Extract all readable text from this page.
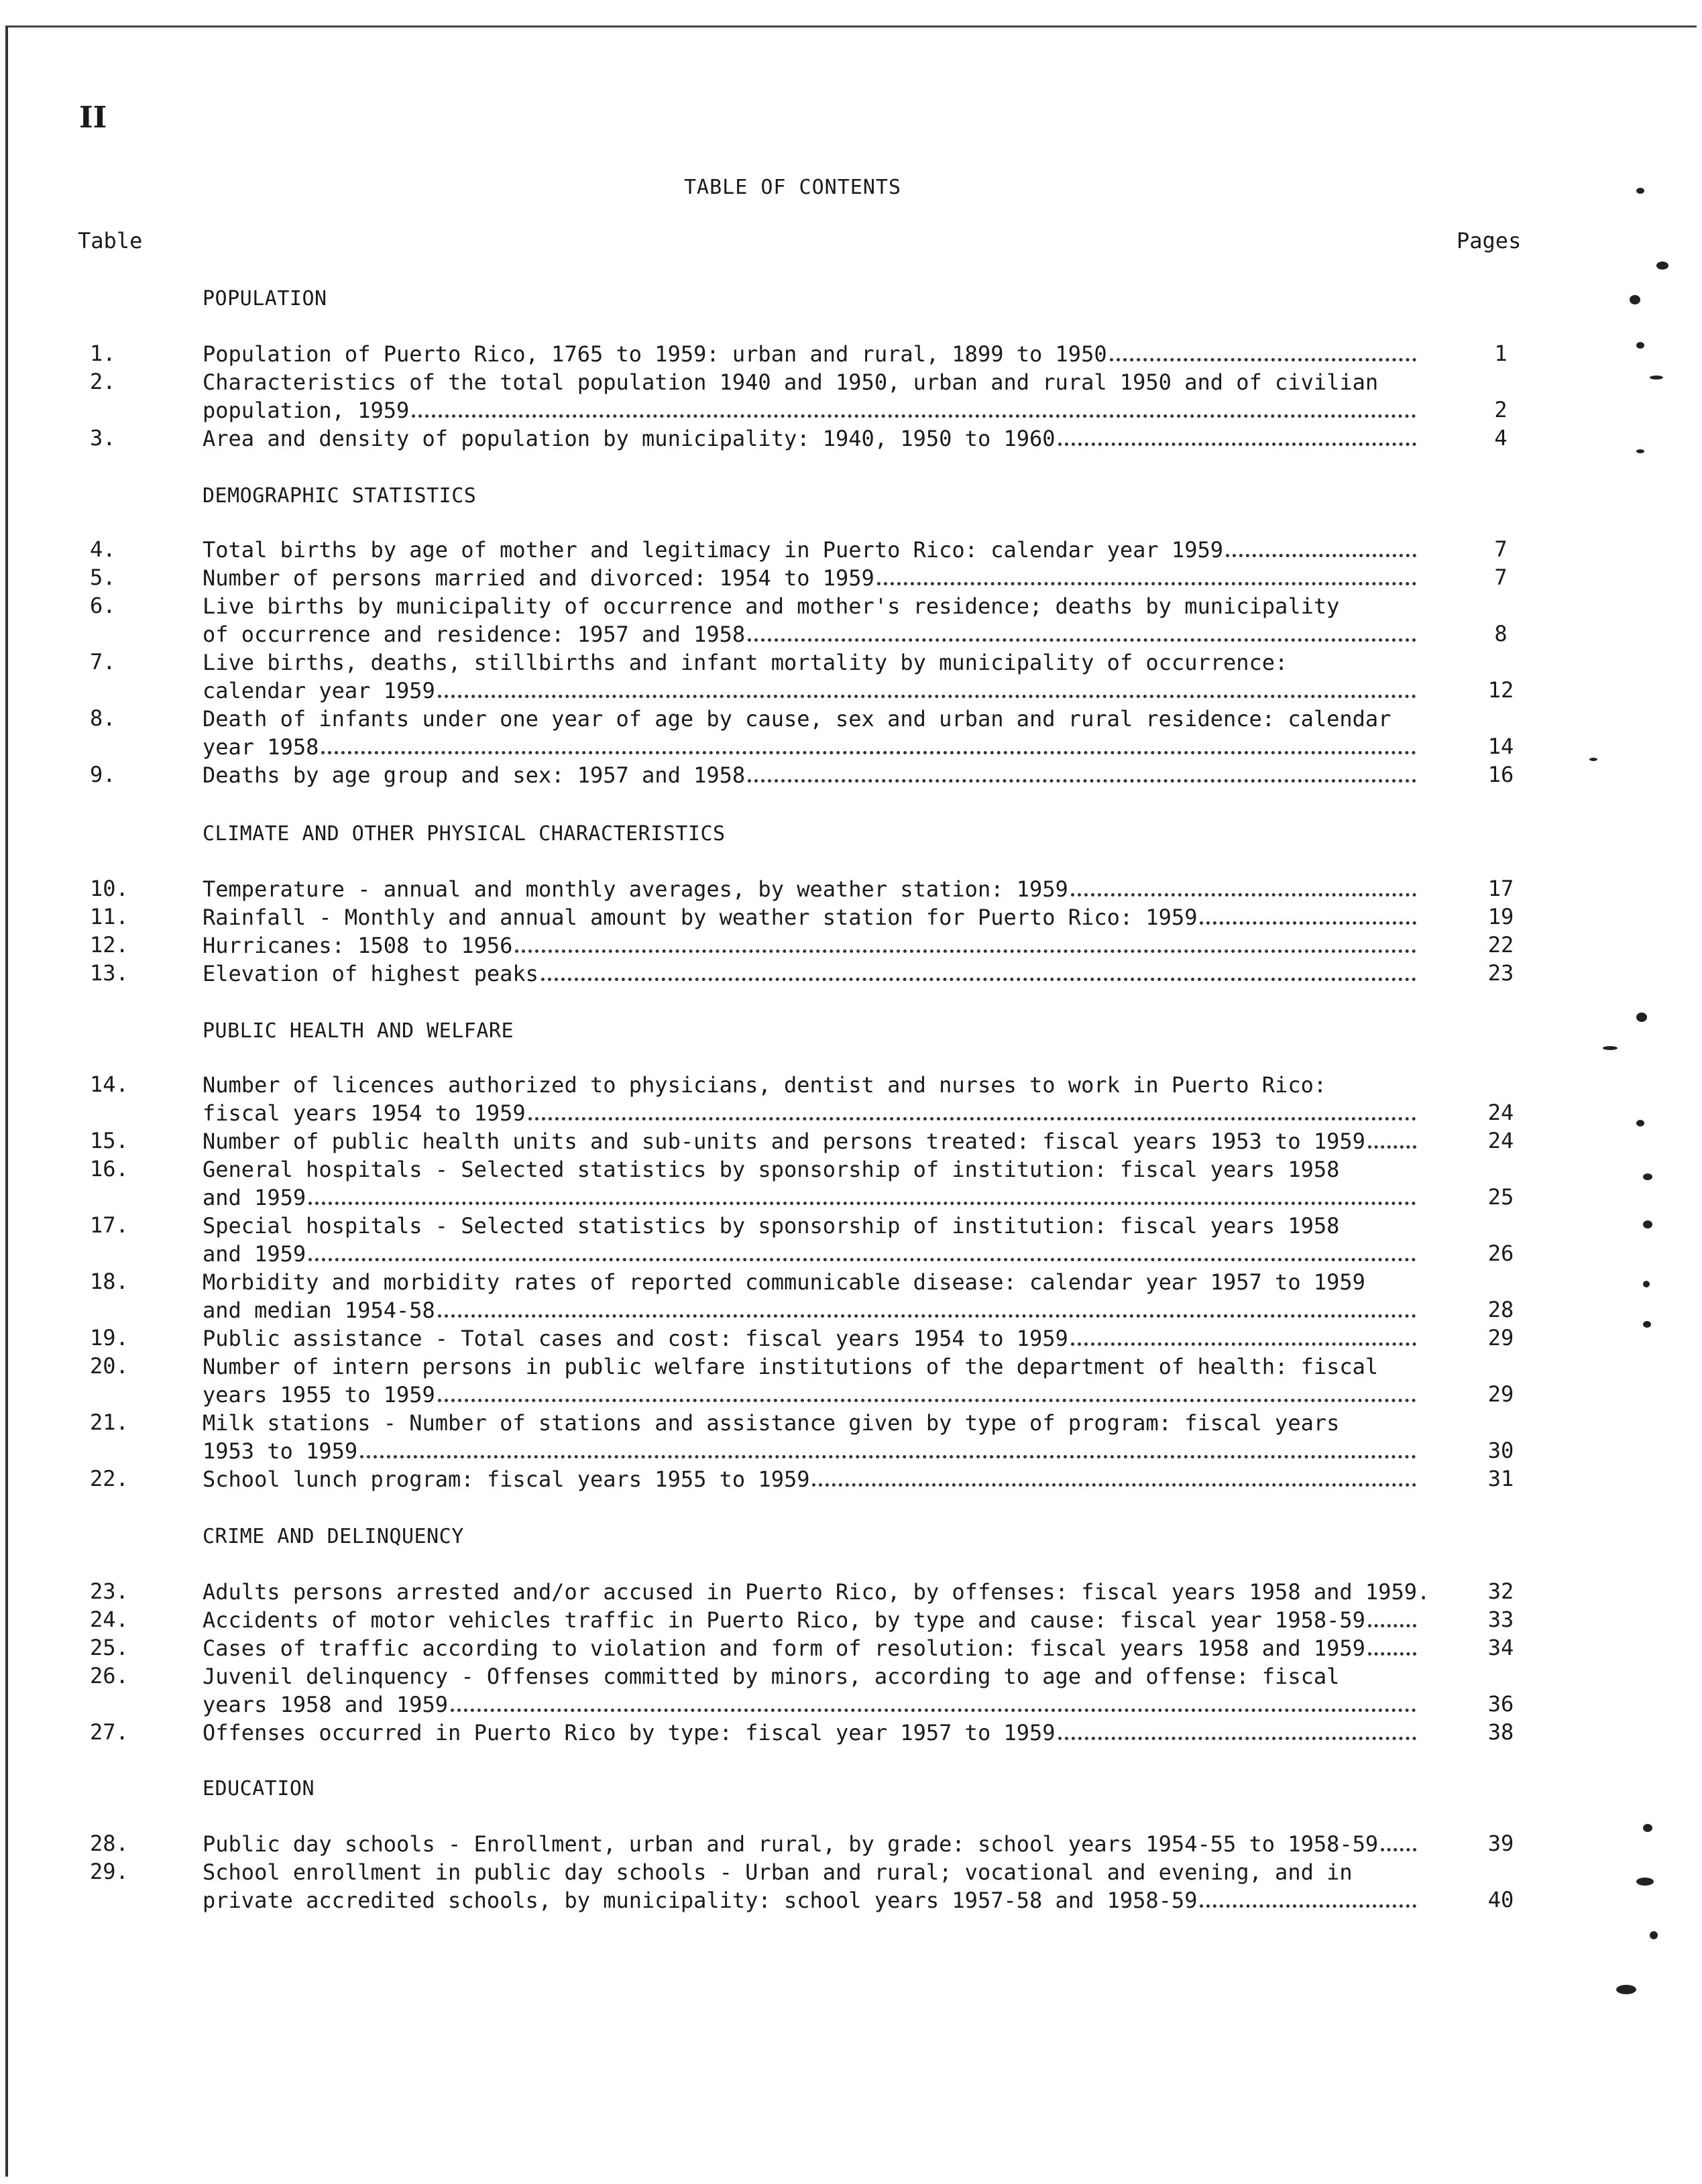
II
TABLE OF CONTENTS
Table	Pages
POPULATION
DEMOGRAPHIC STATISTICS
CLIMATE AND OTHER PHYSICAL CHARACTERISTICS
PUBLIC HEALTH AND WELFARE
CRIME AND DELINQUENCY
EDUCATION
1.	Population of Puerto Rico, 1765 to 1959: urban and rural, 1899 to 1950	1
2.	Characteristics of the total population 1940 and 1950, urban and rural 1950 and of civilian
population, 1959	2
3.	Area and density of population by municipality: 1940, 1950 to 1960	4
4.	Total births by age of mother and legitimacy in Puerto Rico: calendar year 1959	7
5.	Number of persons married and divorced: 1954 to 1959	7
6.	Live births by municipality of occurrence and mother's residence; deaths by municipality
of occurrence and residence: 1957 and 1958	8
7.	Live births, deaths, stillbirths and infant mortality by municipality of occurrence:
calendar year 1959	12
8.	Death of infants under one year of age by cause, sex and urban and rural residence: calendar
year 1958	14
9.	Deaths by age group and sex: 1957 and 1958	16
10.	Temperature - annual and monthly averages, by weather station: 1959	17
11.	Rainfall - Monthly and annual amount by weather station for Puerto Rico: 1959	19
12.	Hurricanes: 1508 to 1956	22
13.	Elevation of highest peaks	23
14.	Number of licences authorized to physicians, dentist and nurses to work in Puerto Rico:
fiscal years 1954 to 1959	24
15.	Number of public health units and sub-units and persons treated: fiscal years 1953 to 1959	24
16.	General hospitals - Selected statistics by sponsorship of institution: fiscal years 1958
and 1959	25
17.	Special hospitals - Selected statistics by sponsorship of institution: fiscal years 1958
and 1959	26
18.	Morbidity and morbidity rates of reported communicable disease: calendar year 1957 to 1959
and median 1954-58	28
19.	Public assistance - Total cases and cost: fiscal years 1954 to 1959	29
20.	Number of intern persons in public welfare institutions of the department of health: fiscal
years 1955 to 1959	29
21.	Milk stations - Number of stations and assistance given by type of program: fiscal years
1953 to 1959	30
22.	School lunch program: fiscal years 1955 to 1959	31
23.	Adults persons arrested and/or accused in Puerto Rico, by offenses: fiscal years 1958 and 1959.	32
24.	Accidents of motor vehicles traffic in Puerto Rico, by type and cause: fiscal year 1958-59	33
25.	Cases of traffic according to violation and form of resolution: fiscal years 1958 and 1959	34
26.	Juvenil delinquency - Offenses committed by minors, according to age and offense: fiscal
years 1958 and 1959	36
27.	Offenses occurred in Puerto Rico by type: fiscal year 1957 to 1959	38
28.	Public day schools - Enrollment, urban and rural, by grade: school years 1954-55 to 1958-59	39
29.	School enrollment in public day schools - Urban and rural; vocational and evening, and in
private accredited schools, by municipality: school years 1957-58 and 1958-59	40
